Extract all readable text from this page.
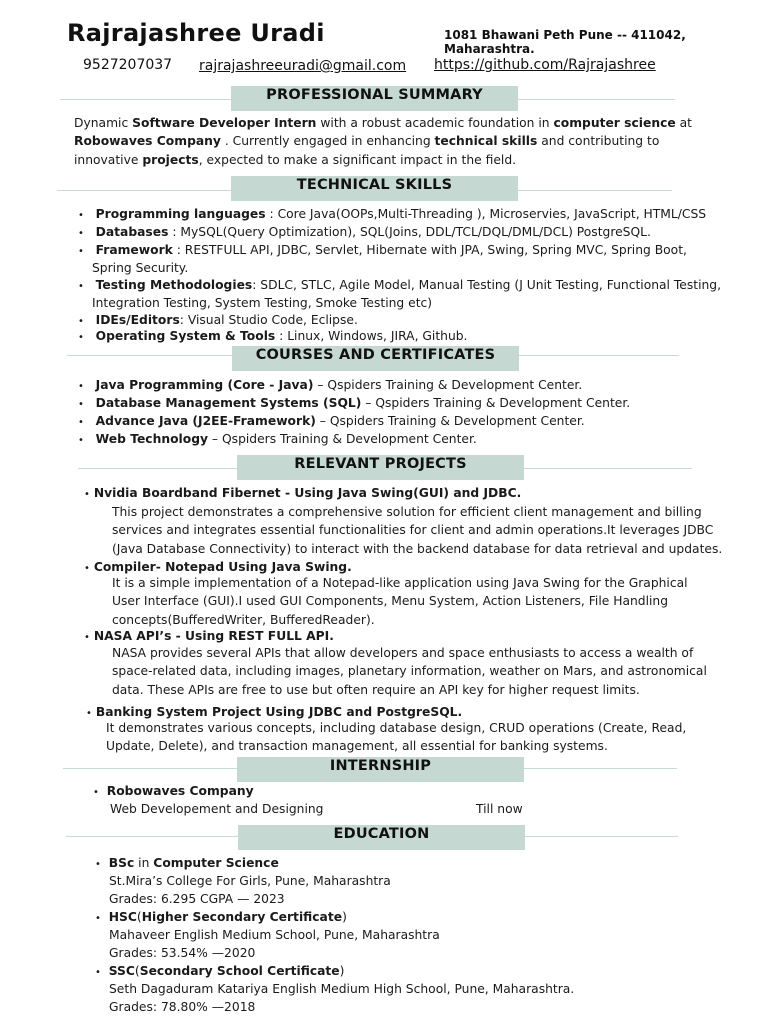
Rajrajashree Uradi	1081 Bhawani Peth Pune -- 411042, Maharashtra.
9527207037 rajrajashreeuradi@gmail.com https://github.com/Rajrajashree
PROFESSIONAL SUMMARY
Dynamic Software Developer Intern with a robust academic foundation in computer science at
Robowaves Company . Currently engaged in enhancing technical skills and contributing to
innovative projects, expected to make a significant impact in the field.
TECHNICAL SKILLS
• Programming languages : Core Java(OOPs,Multi-Threading ), Microservies, JavaScript, HTML/CSS
• Databases : MySQL(Query Optimization), SQL(Joins, DDL/TCL/DQL/DML/DCL) PostgreSQL.
• Framework : RESTFULL API, JDBC, Servlet, Hibernate with JPA, Swing, Spring MVC, Spring Boot,
Spring Security.
• Testing Methodologies: SDLC, STLC, Agile Model, Manual Testing (J Unit Testing, Functional Testing,
Integration Testing, System Testing, Smoke Testing etc)
• IDEs/Editors: Visual Studio Code, Eclipse.
• Operating System & Tools : Linux, Windows, JIRA, Github.
COURSES AND CERTIFICATES
• Java Programming (Core - Java) – Qspiders Training & Development Center.
• Database Management Systems (SQL) – Qspiders Training & Development Center.
• Advance Java (J2EE-Framework) – Qspiders Training & Development Center.
• Web Technology – Qspiders Training & Development Center.
RELEVANT PROJECTS
• Nvidia Boardband Fibernet - Using Java Swing(GUI) and JDBC.
This project demonstrates a comprehensive solution for efficient client management and billing
services and integrates essential functionalities for client and admin operations.It leverages JDBC
(Java Database Connectivity) to interact with the backend database for data retrieval and updates.
• Compiler- Notepad Using Java Swing.
It is a simple implementation of a Notepad-like application using Java Swing for the Graphical
User Interface (GUI).I used GUI Components, Menu System, Action Listeners, File Handling
concepts(BufferedWriter, BufferedReader).
• NASA API’s - Using REST FULL API.
NASA provides several APIs that allow developers and space enthusiasts to access a wealth of
space-related data, including images, planetary information, weather on Mars, and astronomical
data. These APIs are free to use but often require an API key for higher request limits.
• Banking System Project Using JDBC and PostgreSQL.
It demonstrates various concepts, including database design, CRUD operations (Create, Read,
Update, Delete), and transaction management, all essential for banking systems.
INTERNSHIP
• Robowaves Company
Web Developement and Designing	Till now
EDUCATION
• BSc in Computer Science
St.Mira’s College For Girls, Pune, Maharashtra
Grades: 6.295 CGPA — 2023
• HSC(Higher Secondary Certificate)
Mahaveer English Medium School, Pune, Maharashtra
Grades: 53.54% —2020
• SSC(Secondary School Certificate)
Seth Dagaduram Katariya English Medium High School, Pune, Maharashtra.
Grades: 78.80% —2018
